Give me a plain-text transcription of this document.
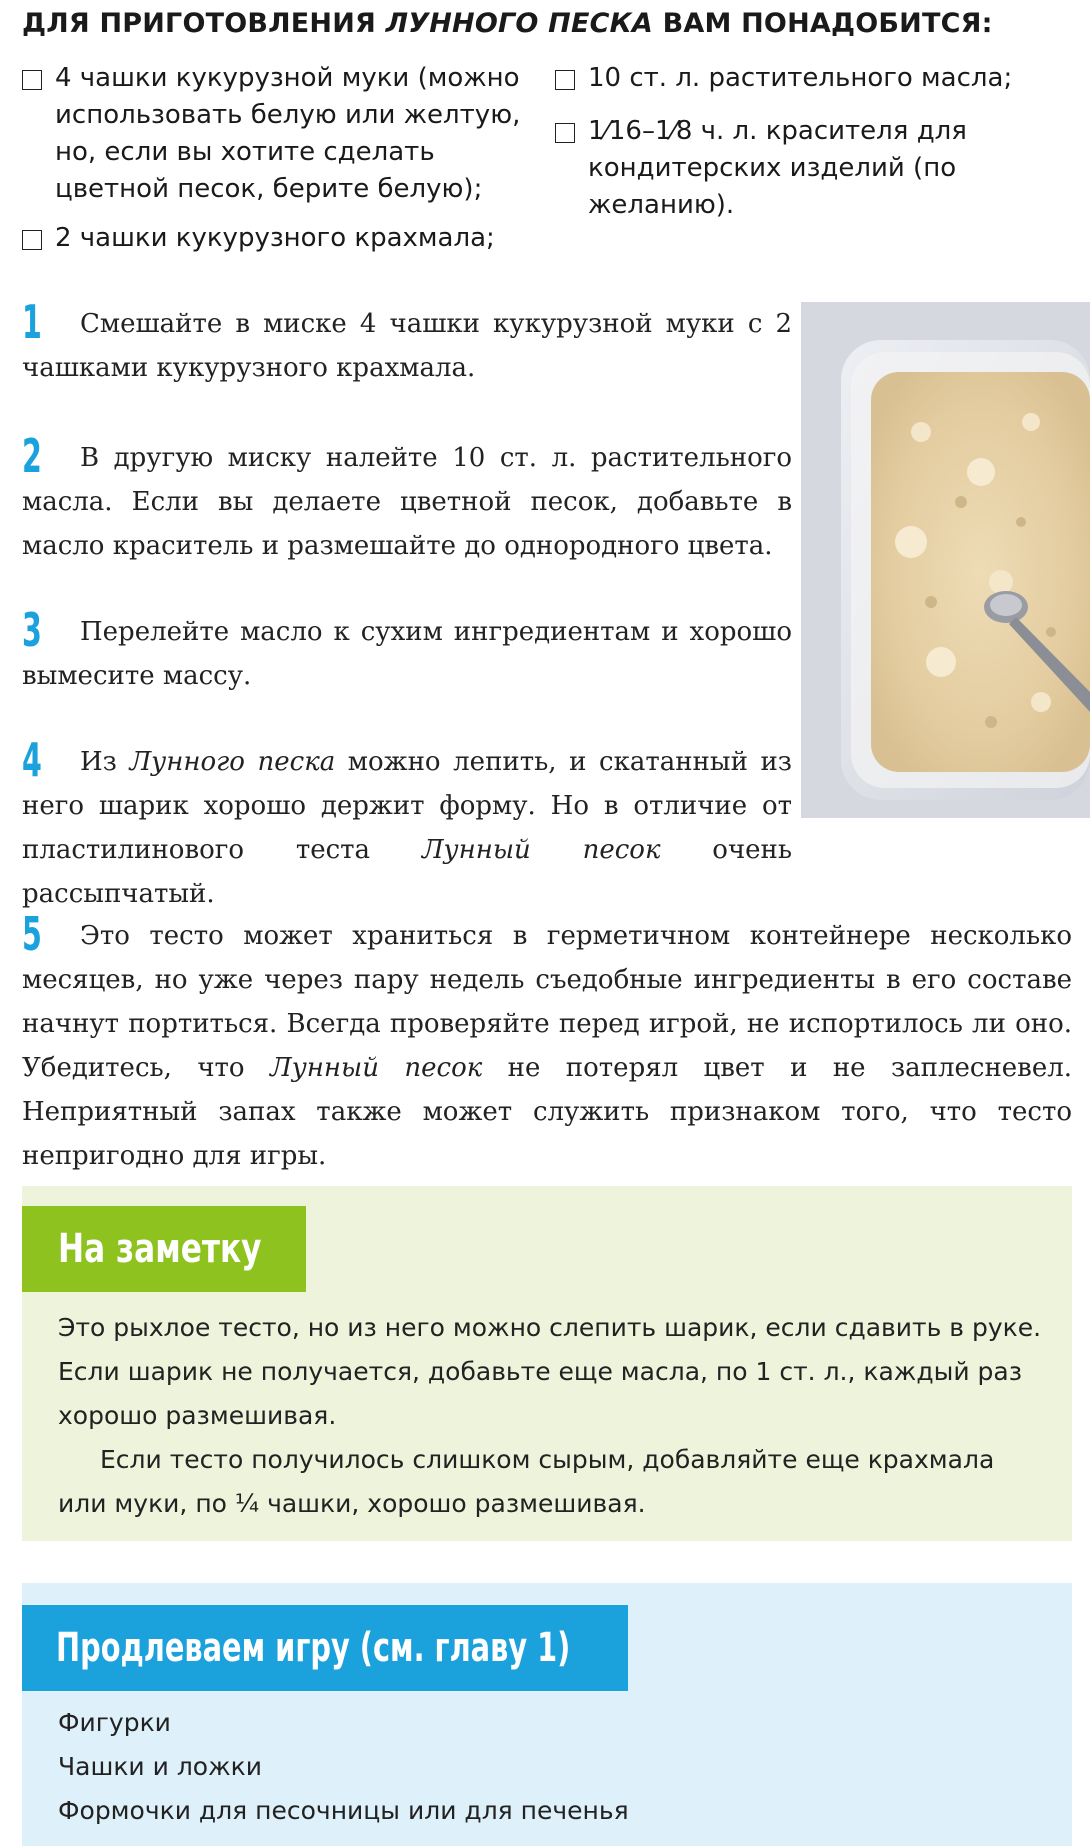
ДЛЯ ПРИГОТОВЛЕНИЯ ЛУННОГО ПЕСКА ВАМ ПОНАДОБИТСЯ:
4 чашки кукурузной муки (можно использовать белую или желтую, но, если вы хотите сделать цветной песок, берите белую);
2 чашки кукурузного крахмала;
10 ст. л. растительного масла;
1⁄16–1⁄8 ч. л. красителя для кондитерских изделий (по желанию).
1 Смешайте в миске 4 чашки кукурузной муки с 2 чашками кукурузного крахмала.
2 В другую миску налейте 10 ст. л. растительного масла. Если вы делаете цветной песок, добавьте в масло краситель и размешайте до однородного цвета.
3 Перелейте масло к сухим ингредиентам и хорошо вымесите массу.
4 Из Лунного песка можно лепить, и скатанный из него шарик хорошо держит форму. Но в отличие от пластилинового теста Лунный песок очень рассыпчатый.
5 Это тесто может храниться в герметичном контейнере несколько месяцев, но уже через пару недель съедобные ингредиенты в его составе начнут портиться. Всегда проверяйте перед игрой, не испортилось ли оно. Убедитесь, что Лунный песок не потерял цвет и не заплесневел. Неприятный запах также может служить признаком того, что тесто непригодно для игры.
На заметку

Это рыхлое тесто, но из него можно слепить шарик, если сдавить в руке. Если шарик не получается, добавьте еще масла, по 1 ст. л., каждый раз хорошо размешивая.

Если тесто получилось слишком сырым, добавляйте еще крахмала или муки, по ¼ чашки, хорошо размешивая.

Продлеваем игру (см. главу 1)
Фигурки
Чашки и ложки
Формочки для песочницы или для печенья
